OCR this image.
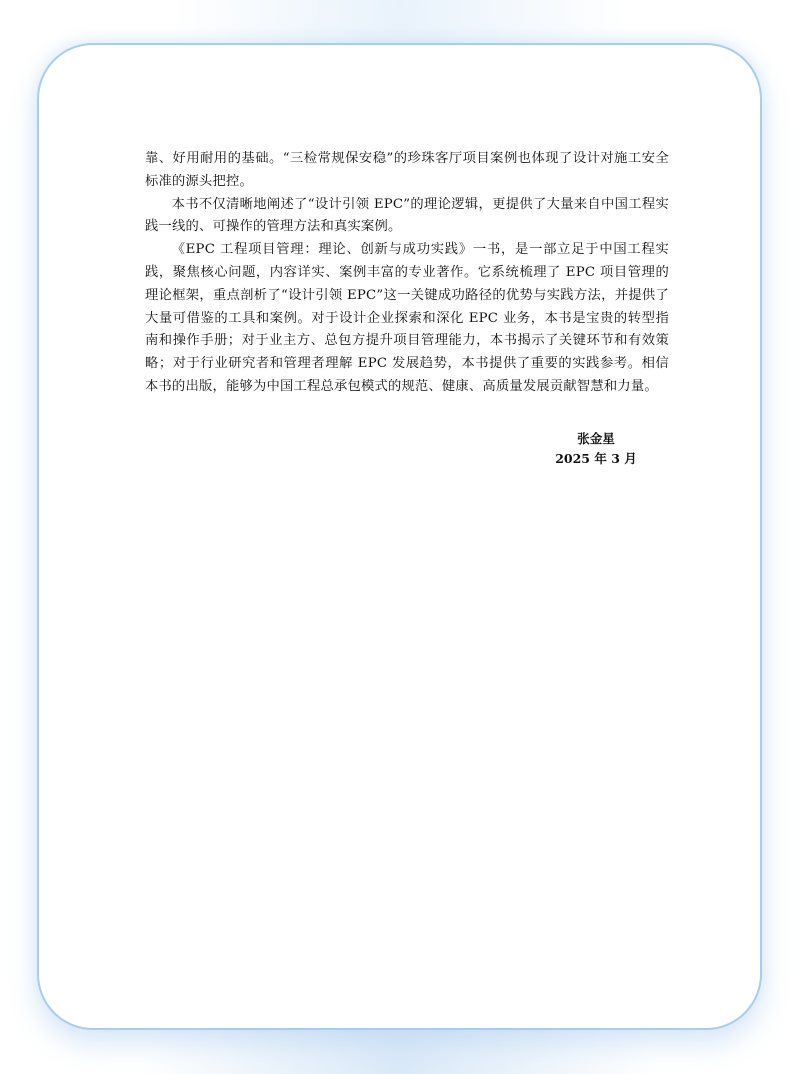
靠、好用耐用的基础。“三检常规保安稳”的珍珠客厅项目案例也体现了设计对施工安全标准的源头把控。

本书不仅清晰地阐述了“设计引领 EPC”的理论逻辑，更提供了大量来自中国工程实践一线的、可操作的管理方法和真实案例。

《EPC 工程项目管理：理论、创新与成功实践》一书，是一部立足于中国工程实践，聚焦核心问题，内容详实、案例丰富的专业著作。它系统梳理了 EPC 项目管理的理论框架，重点剖析了“设计引领 EPC”这一关键成功路径的优势与实践方法，并提供了大量可借鉴的工具和案例。对于设计企业探索和深化 EPC 业务，本书是宝贵的转型指南和操作手册；对于业主方、总包方提升项目管理能力，本书揭示了关键环节和有效策略；对于行业研究者和管理者理解 EPC 发展趋势，本书提供了重要的实践参考。相信本书的出版，能够为中国工程总承包模式的规范、健康、高质量发展贡献智慧和力量。

张金星
2025 年 3 月
